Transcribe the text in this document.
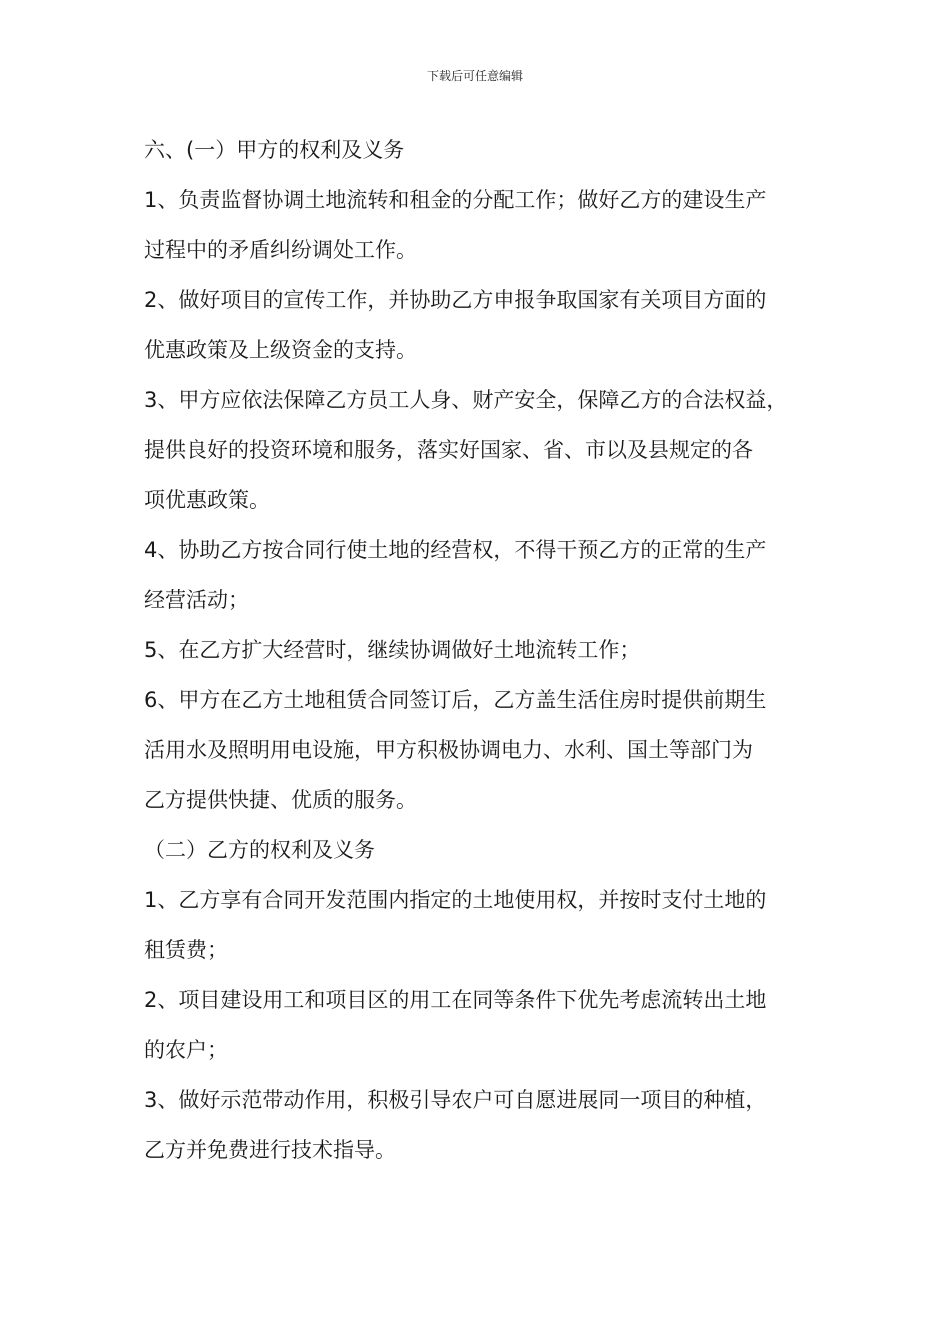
下载后可任意编辑
六、(一）甲方的权利及义务
1、负责监督协调土地流转和租金的分配工作；做好乙方的建设生产
过程中的矛盾纠纷调处工作。
2、做好项目的宣传工作，并协助乙方申报争取国家有关项目方面的
优惠政策及上级资金的支持。
3、甲方应依法保障乙方员工人身、财产安全，保障乙方的合法权益，
提供良好的投资环境和服务，落实好国家、省、市以及县规定的各
项优惠政策。
4、协助乙方按合同行使土地的经营权，不得干预乙方的正常的生产
经营活动；
5、在乙方扩大经营时，继续协调做好土地流转工作；
6、甲方在乙方土地租赁合同签订后，乙方盖生活住房时提供前期生
活用水及照明用电设施，甲方积极协调电力、水利、国土等部门为
乙方提供快捷、优质的服务。
（二）乙方的权利及义务
1、乙方享有合同开发范围内指定的土地使用权，并按时支付土地的
租赁费；
2、项目建设用工和项目区的用工在同等条件下优先考虑流转出土地
的农户；
3、做好示范带动作用，积极引导农户可自愿进展同一项目的种植，
乙方并免费进行技术指导。
